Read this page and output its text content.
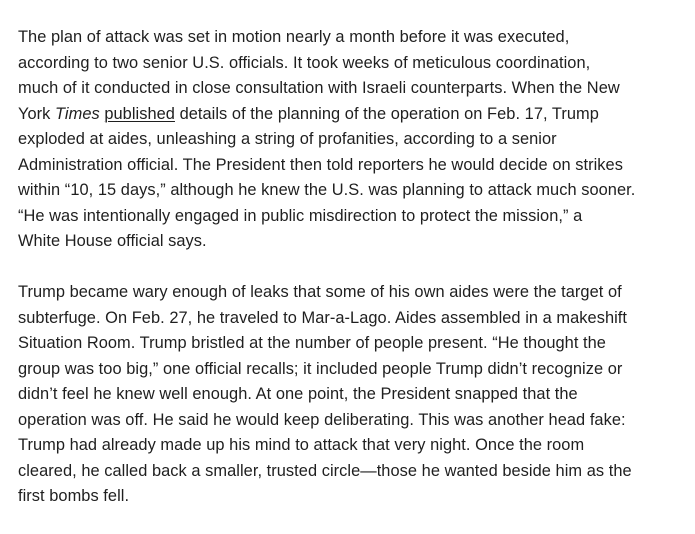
The plan of attack was set in motion nearly a month before it was executed,
according to two senior U.S. officials. It took weeks of meticulous coordination,
much of it conducted in close consultation with Israeli counterparts. When the New
York Times published details of the planning of the operation on Feb. 17, Trump
exploded at aides, unleashing a string of profanities, according to a senior
Administration official. The President then told reporters he would decide on strikes
within “10, 15 days,” although he knew the U.S. was planning to attack much sooner.
“He was intentionally engaged in public misdirection to protect the mission,” a
White House official says.

Trump became wary enough of leaks that some of his own aides were the target of
subterfuge. On Feb. 27, he traveled to Mar-a-Lago. Aides assembled in a makeshift
Situation Room. Trump bristled at the number of people present. “He thought the
group was too big,” one official recalls; it included people Trump didn’t recognize or
didn’t feel he knew well enough. At one point, the President snapped that the
operation was off. He said he would keep deliberating. This was another head fake:
Trump had already made up his mind to attack that very night. Once the room
cleared, he called back a smaller, trusted circle—those he wanted beside him as the
first bombs fell.
